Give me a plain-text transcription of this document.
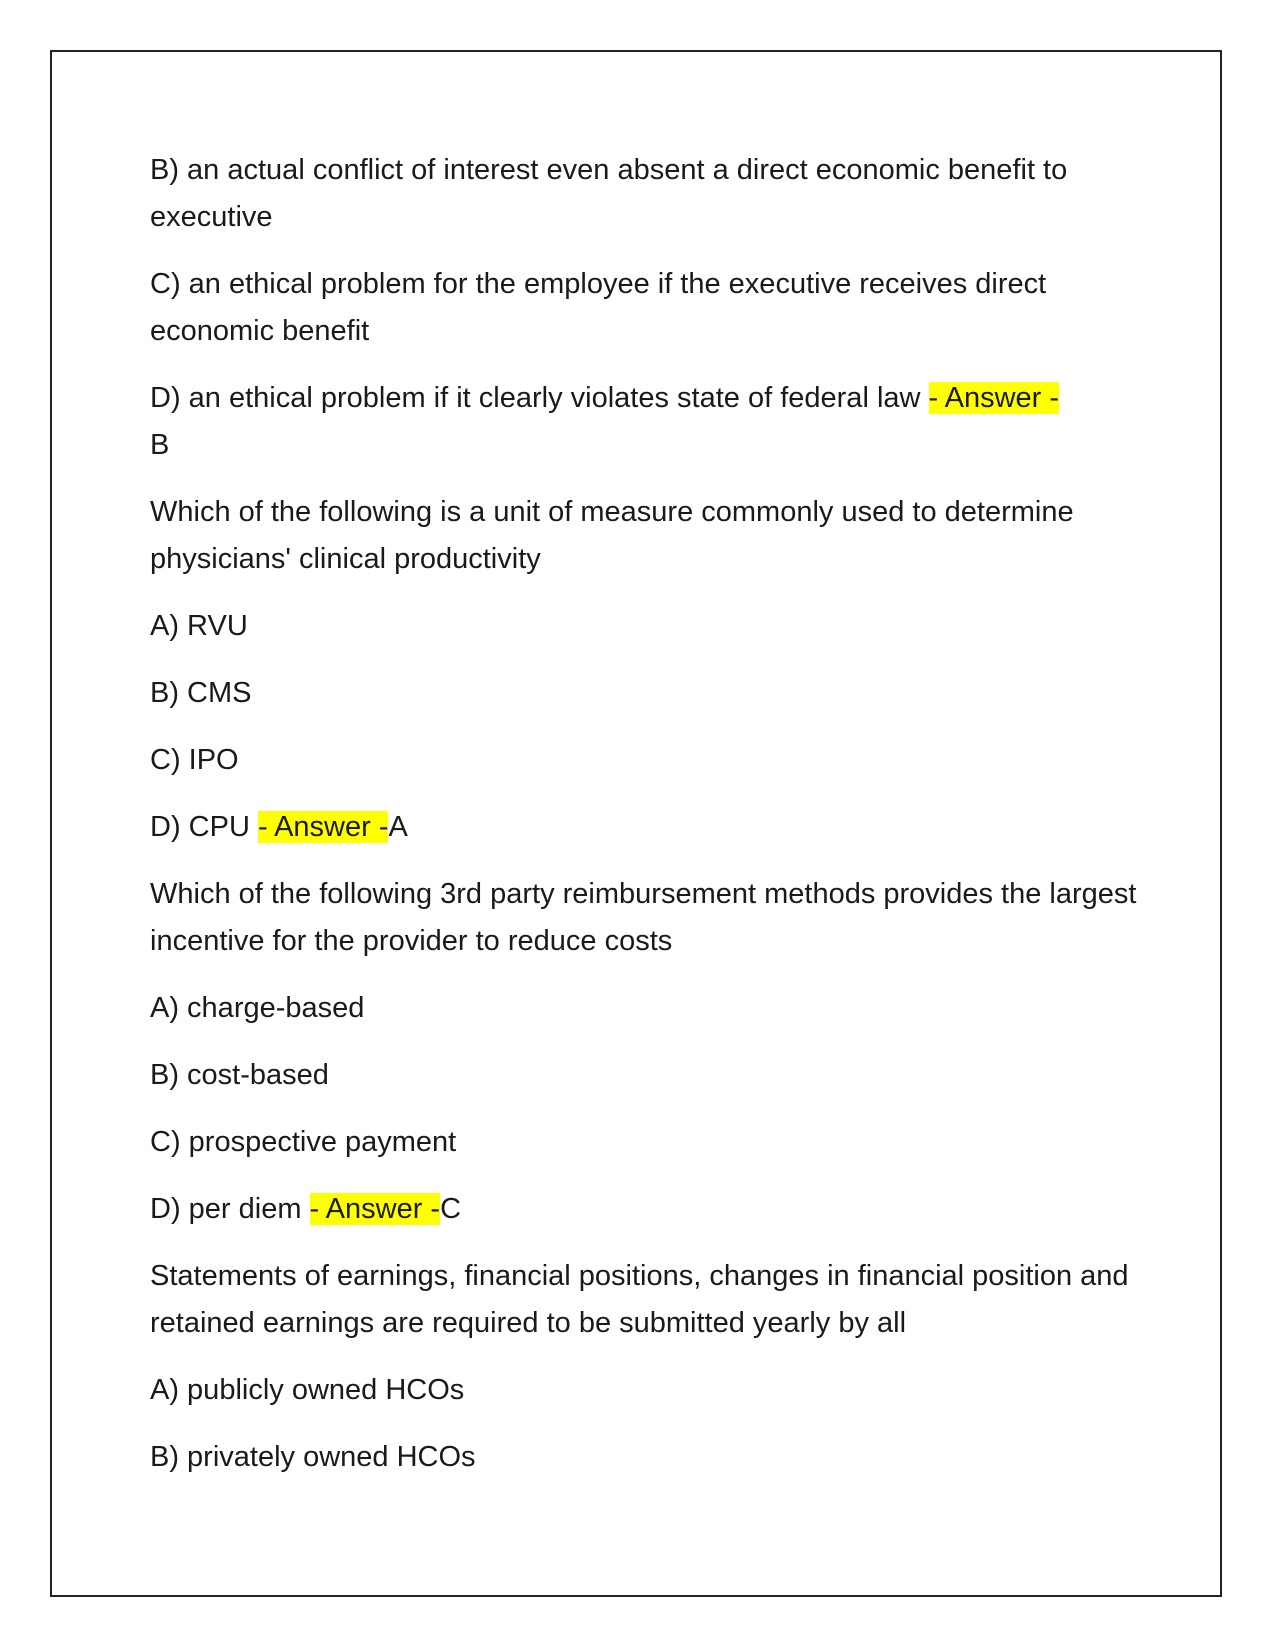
B) an actual conflict of interest even absent a direct economic benefit to executive

C) an ethical problem for the employee if the executive receives direct economic benefit

D) an ethical problem if it clearly violates state of federal law - Answer -
B

Which of the following is a unit of measure commonly used to determine physicians' clinical productivity

A) RVU

B) CMS

C) IPO

D) CPU - Answer -A

Which of the following 3rd party reimbursement methods provides the largest incentive for the provider to reduce costs

A) charge-based

B) cost-based

C) prospective payment

D) per diem - Answer -C

Statements of earnings, financial positions, changes in financial position and retained earnings are required to be submitted yearly by all

A) publicly owned HCOs

B) privately owned HCOs
